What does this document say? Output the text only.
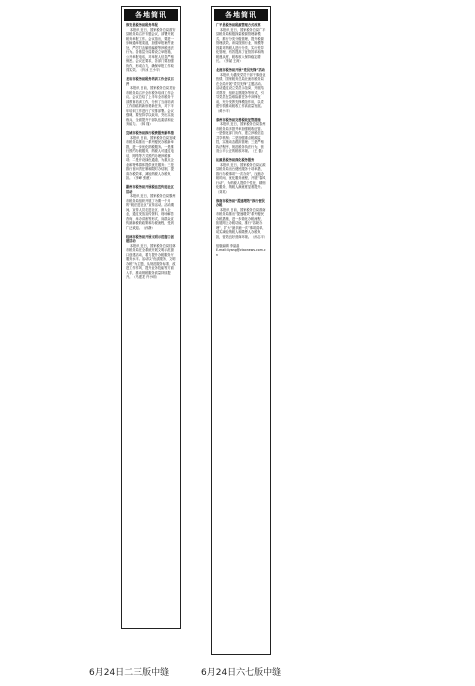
各地简讯
淮安县税务局税务举报
本报讯 近日，国家税务总局淮安县税务局召开专题会议，部署开展税务举报工作。会议指出，要进一步畅通举报渠道，加强举报案件查处，严厉打击偷逃骗税等涉税违法行为。各基层分局要设立举报箱，公开举报电话，对举报人信息严格保密。会议还要求，各部门要加强协作，形成合力，确保举报工作取得实效。（肖冰 王小平）
龙岩市税务局税务培训工作会议召开
本报讯 日前，国家税务总局龙岩市税务局召开全市税务培训工作会议。会议总结了上半年全市税务干部教育培训工作，分析了当前培训工作面临的新形势新任务，对下半年培训工作进行了安排部署。会议强调，要坚持学以致用，突出实战练兵，全面提升干部队伍素质和业务能力。（林 翔）
宜城市税务局推行税费服务新举措
本报讯 日前，国家税务总局宜城市税务局推出一系列便民办税新举措，进一步优化纳税服务。一是推行预约办税服务，纳税人可通过电话、网络等方式预约办理涉税事项；二是开设绿色通道，为重点企业和特殊群体提供优先服务；三是推行首问责任制和限时办结制，提高办税效率，减轻纳税人办税负担。（李峰 张薇）
霸州市税务局开展税法宣传进社区活动
本报讯 近日，国家税务总局霸州市税务局组织开展了为期一个月的“税法进社区”宣传活动。活动期间，宣传人员走进社区、深入企业，通过发放宣传资料、现场解答咨询、举办讲座等形式，向群众宣传最新税收政策和办税流程，受到广泛欢迎。（孙静）
桂林市税务局开展文明示范窗口创建活动
本报讯 近日，国家税务总局桂林市税务局在全系统开展文明示范窗口创建活动，着力提升办税服务厅服务水平。活动以“优质服务、文明办税”为主题，从规范服务标准、改进工作作风、提升业务技能等方面入手，推动纳税服务质量持续提升。（马建龙 许小明）
各地简讯
广平县税务局税源管理方式改革
本报讯 近日，国家税务总局广平县税务局积极探索税源管理新模式，推行分类分级管理，提升税源管理质效。该局按照行业、规模等因素对纳税人进行分类，实行差异化管理，有效提高了征管效率和纳税遵从度，税收收入保持稳定增长。（李斌 王涛）
北流市税务局开展“党员先锋”活动
本报讯 为激发党员干部干事创业热情，国家税务总局北流市税务局在全局开展“党员先锋”主题活动。活动通过设立党员示范岗、开展结对帮扶、组织志愿服务等形式，引导党员在急难险重任务中冲锋在前，充分发挥先锋模范作用，以党建引领推动税收工作高质量发展。（黄小平）
泰州市税务局完善税收征管措施
本报讯 近日，国家税务总局泰州市税务局多措并举加强税收征管。一是强化部门协作，建立涉税信息共享机制；二是加强重点税源监控，实施动态跟踪管理；三是严格执法程序，规范税务执法行为，营造公平公正的税收环境。（王 磊）
沁源县税务局深化税务服务
本报讯 近日，国家税务总局沁源县税务局出台便民服务十项举措，推行办税事项“一次办好”，压缩办税时间，优化服务流程，开展“春风行动”，为纳税人提供个性化、精细化服务，纳税人满意度显著提升。（刘英）
淮南市税务局“提速增效”推行便民办税
本报讯 日前，国家税务总局淮南市税务局推出“提速增效”系列便民办税措施，进一步简化办税流程，拓展网上办税功能，推行“容缺办理”，扩大“最多跑一次”事项清单，切实减轻纳税人和缴费人办税负担，营造良好营商环境。（孙志平）
组版编辑 李晶晶
E-mail:liyang@ctaxnews.com.cn
6月24日二三版中缝	6月24日六七版中缝
